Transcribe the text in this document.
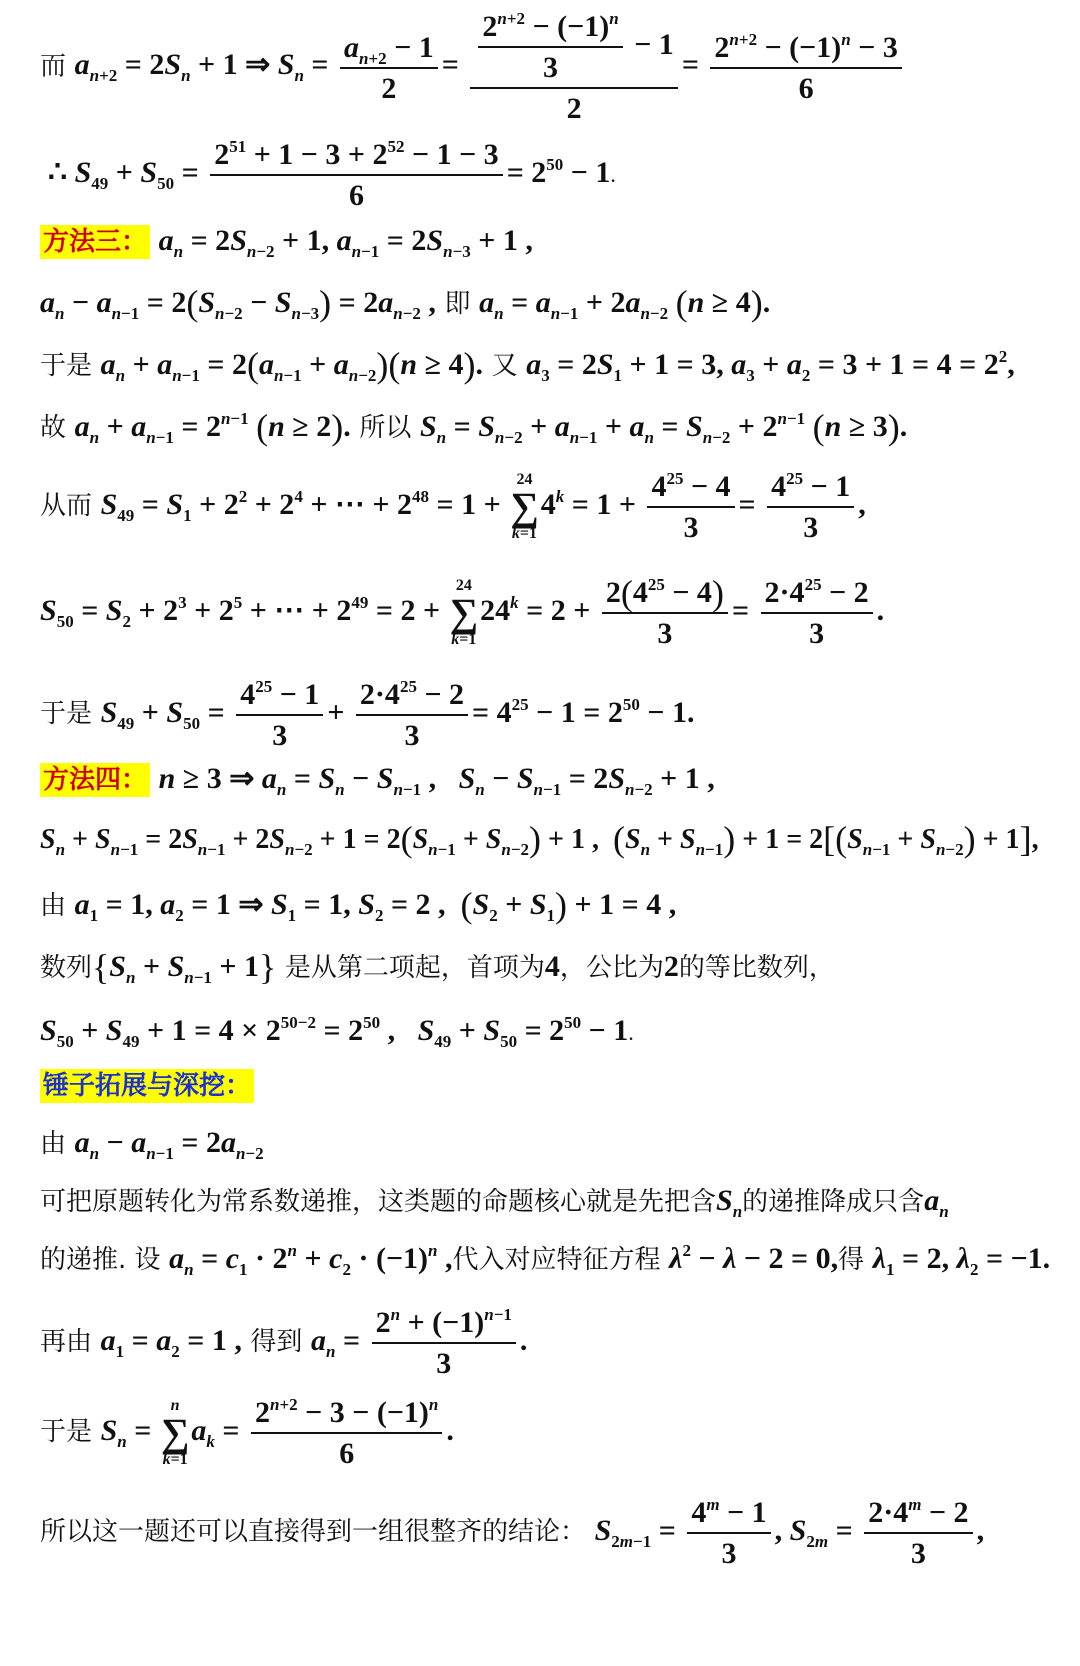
而 $a_{n+2} = 2S_n + 1$ ⇒ $S_n = \frac{a_{n+2} - 1}{2} = \frac{\frac{2^{n+2} - (-1)^n}{3} - 1}{2} = \frac{2^{n+2} - (-1)^n - 3}{6}$
∴ $S_{49} + S_{50} = \frac{2^{51} + 1 - 3 + 2^{52} - 1 - 3}{6} = 2^{50} - 1$.
方法三： $a_n = 2S_{n-2} + 1$, $a_{n-1} = 2S_{n-3} + 1$ ,
$a_n - a_{n-1} = 2(S_{n-2} - S_{n-3}) = 2a_{n-2}$ , 即 $a_n = a_{n-1} + 2a_{n-2}$ (n ≥ 4).
于是 $a_n + a_{n-1} = 2(a_{n-1} + a_{n-2})(n \ge 4)$. 又 $a_3 = 2S_1 + 1 = 3$, $a_3 + a_2 = 3 + 1 = 4 = 2^2$,
故 $a_n + a_{n-1} = 2^{n-1}$ (n ≥ 2). 所以 $S_n = S_{n-2} + a_{n-1} + a_n = S_{n-2} + 2^{n-1}$ (n ≥ 3).
从而 $S_{49} = S_1 + 2^2 + 2^4$ + ⋯ + $2^{48} = 1$ +
24
∑
k=1
$4^k = 1 + \frac{4^{25} - 4}{3} = \frac{4^{25} - 1}{3}$ ,
$S_{50} = S_2 + 2^3 + 2^5$ + ⋯ + $2^{49} = 2$ +
24
∑
k=1
$24^k = 2 + \frac{2(4^{25} - 4)}{3} = \frac{2\cdot 4^{25} - 2}{3}$ .
于是 $S_{49} + S_{50} = \frac{4^{25} - 1}{3} + \frac{2\cdot 4^{25} - 2}{3} = 4^{25} - 1 = 2^{50} - 1$.
方法四： n ≥ 3 ⇒ $a_n = S_n - S_{n-1}$ ,   $S_n - S_{n-1} = 2S_{n-2} + 1$ ,
$S_n + S_{n-1} = 2S_{n-1} + 2S_{n-2} + 1 = 2(S_{n-1} + S_{n-2}) + 1$ ,  $(S_n + S_{n-1}) + 1 = 2[(S_{n-1} + S_{n-2}) + 1]$,
由 $a_1 = 1$, $a_2 = 1$ ⇒ $S_1 = 1$, $S_2 = 2$ ,  $(S_2 + S_1) + 1 = 4$ ,
数列$\{S_n + S_{n-1} + 1\}$ 是从第二项起，首项为4，公比为2的等比数列，
$S_{50} + S_{49} + 1 = 4 \times 2^{50-2} = 2^{50}$ ,   $S_{49} + S_{50} = 2^{50} - 1$.
锤子拓展与深挖：
由 $a_n - a_{n-1} = 2a_{n-2}$
可把原题转化为常系数递推，这类题的命题核心就是先把含$S_n$的递推降成只含$a_n$
的递推. 设 $a_n = c_1 \cdot 2^n + c_2 \cdot (-1)^n$ ,代入对应特征方程 $\lambda^2 - \lambda - 2 = 0$,得 $\lambda_1 = 2$, $\lambda_2 = -1$.
再由 $a_1 = a_2 = 1$ , 得到 $a_n = \frac{2^n + (-1)^{n-1}}{3}$ .
于是 $S_n$ =
n
∑
k=1
$a_k = \frac{2^{n+2} - 3 - (-1)^n}{6}$ .
所以这一题还可以直接得到一组很整齐的结论： $S_{2m-1} = \frac{4^m - 1}{3}$ , $S_{2m} = \frac{2\cdot 4^m - 2}{3}$ ,
